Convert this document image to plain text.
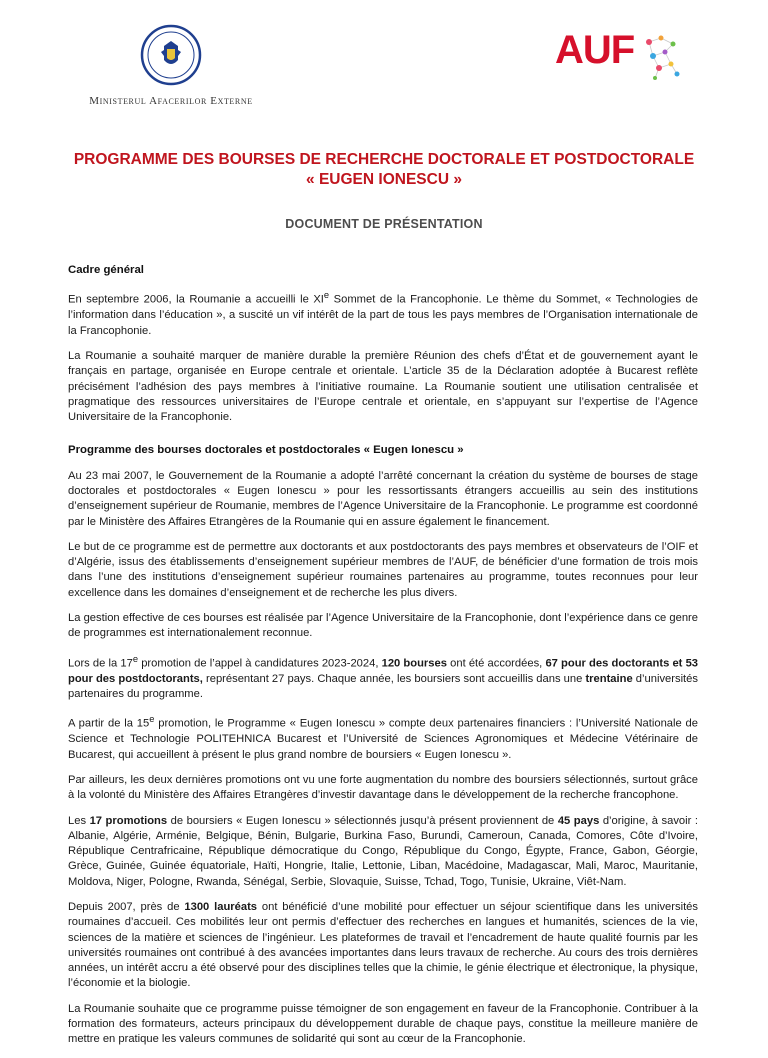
Ministerul Afacerilor Externe
AUF
PROGRAMME DES BOURSES DE RECHERCHE DOCTORALE ET POSTDOCTORALE
« EUGEN IONESCU »
DOCUMENT DE PRÉSENTATION
Cadre général

En septembre 2006, la Roumanie a accueilli le XIe Sommet de la Francophonie. Le thème du Sommet, « Technologies de l’information dans l’éducation », a suscité un vif intérêt de la part de tous les pays membres de l’Organisation internationale de la Francophonie.

La Roumanie a souhaité marquer de manière durable la première Réunion des chefs d’État et de gouvernement ayant le français en partage, organisée en Europe centrale et orientale. L’article 35 de la Déclaration adoptée à Bucarest reflète précisément l’adhésion des pays membres à l’initiative roumaine. La Roumanie soutient une utilisation centralisée et pragmatique des ressources universitaires de l’Europe centrale et orientale, en s’appuyant sur l’expertise de l’Agence Universitaire de la Francophonie.

Programme des bourses doctorales et postdoctorales « Eugen Ionescu »

Au 23 mai 2007, le Gouvernement de la Roumanie a adopté l’arrêté concernant la création du système de bourses de stage doctorales et postdoctorales « Eugen Ionescu » pour les ressortissants étrangers accueillis au sein des institutions d’enseignement supérieur de Roumanie, membres de l’Agence Universitaire de la Francophonie. Le programme est coordonné par le Ministère des Affaires Etrangères de la Roumanie qui en assure également le financement.

Le but de ce programme est de permettre aux doctorants et aux postdoctorants des pays membres et observateurs de l’OIF et d’Algérie, issus des établissements d’enseignement supérieur membres de l’AUF, de bénéficier d’une formation de trois mois dans l’une des institutions d’enseignement supérieur roumaines partenaires au programme, toutes reconnues pour leur excellence dans les domaines d’enseignement et de recherche les plus divers.

La gestion effective de ces bourses est réalisée par l’Agence Universitaire de la Francophonie, dont l’expérience dans ce genre de programmes est internationalement reconnue.

Lors de la 17e promotion de l’appel à candidatures 2023-2024, 120 bourses ont été accordées, 67 pour des doctorants et 53 pour des postdoctorants, représentant 27 pays. Chaque année, les boursiers sont accueillis dans une trentaine d’universités partenaires du programme.

A partir de la 15e promotion, le Programme « Eugen Ionescu » compte deux partenaires financiers : l’Université Nationale de Science et Technologie POLITEHNICA Bucarest et l’Université de Sciences Agronomiques et Médecine Vétérinaire de Bucarest, qui accueillent à présent le plus grand nombre de boursiers « Eugen Ionescu ».

Par ailleurs, les deux dernières promotions ont vu une forte augmentation du nombre des boursiers sélectionnés, surtout grâce à la volonté du Ministère des Affaires Etrangères d’investir davantage dans le développement de la recherche francophone.

Les 17 promotions de boursiers « Eugen Ionescu » sélectionnés jusqu’à présent proviennent de 45 pays d’origine, à savoir : Albanie, Algérie, Arménie, Belgique, Bénin, Bulgarie, Burkina Faso, Burundi, Cameroun, Canada, Comores, Côte d’Ivoire, République Centrafricaine, République démocratique du Congo, République du Congo, Égypte, France, Gabon, Géorgie, Grèce, Guinée, Guinée équatoriale, Haïti, Hongrie, Italie, Lettonie, Liban, Macédoine, Madagascar, Mali, Maroc, Mauritanie, Moldova, Niger, Pologne, Rwanda, Sénégal, Serbie, Slovaquie, Suisse, Tchad, Togo, Tunisie, Ukraine, Viêt-Nam.

Depuis 2007, près de 1300 lauréats ont bénéficié d’une mobilité pour effectuer un séjour scientifique dans les universités roumaines d’accueil. Ces mobilités leur ont permis d’effectuer des recherches en langues et humanités, sciences de la vie, sciences de la matière et sciences de l’ingénieur. Les plateformes de travail et l’encadrement de haute qualité fournis par les universités roumaines ont contribué à des avancées importantes dans leurs travaux de recherche. Au cours des trois dernières années, un intérêt accru a été observé pour des disciplines telles que la chimie, le génie électrique et électronique, la physique, l’économie et la biologie.

La Roumanie souhaite que ce programme puisse témoigner de son engagement en faveur de la Francophonie. Contribuer à la formation des formateurs, acteurs principaux du développement durable de chaque pays, constitue la meilleure manière de mettre en pratique les valeurs communes de solidarité qui sont au cœur de la Francophonie.
